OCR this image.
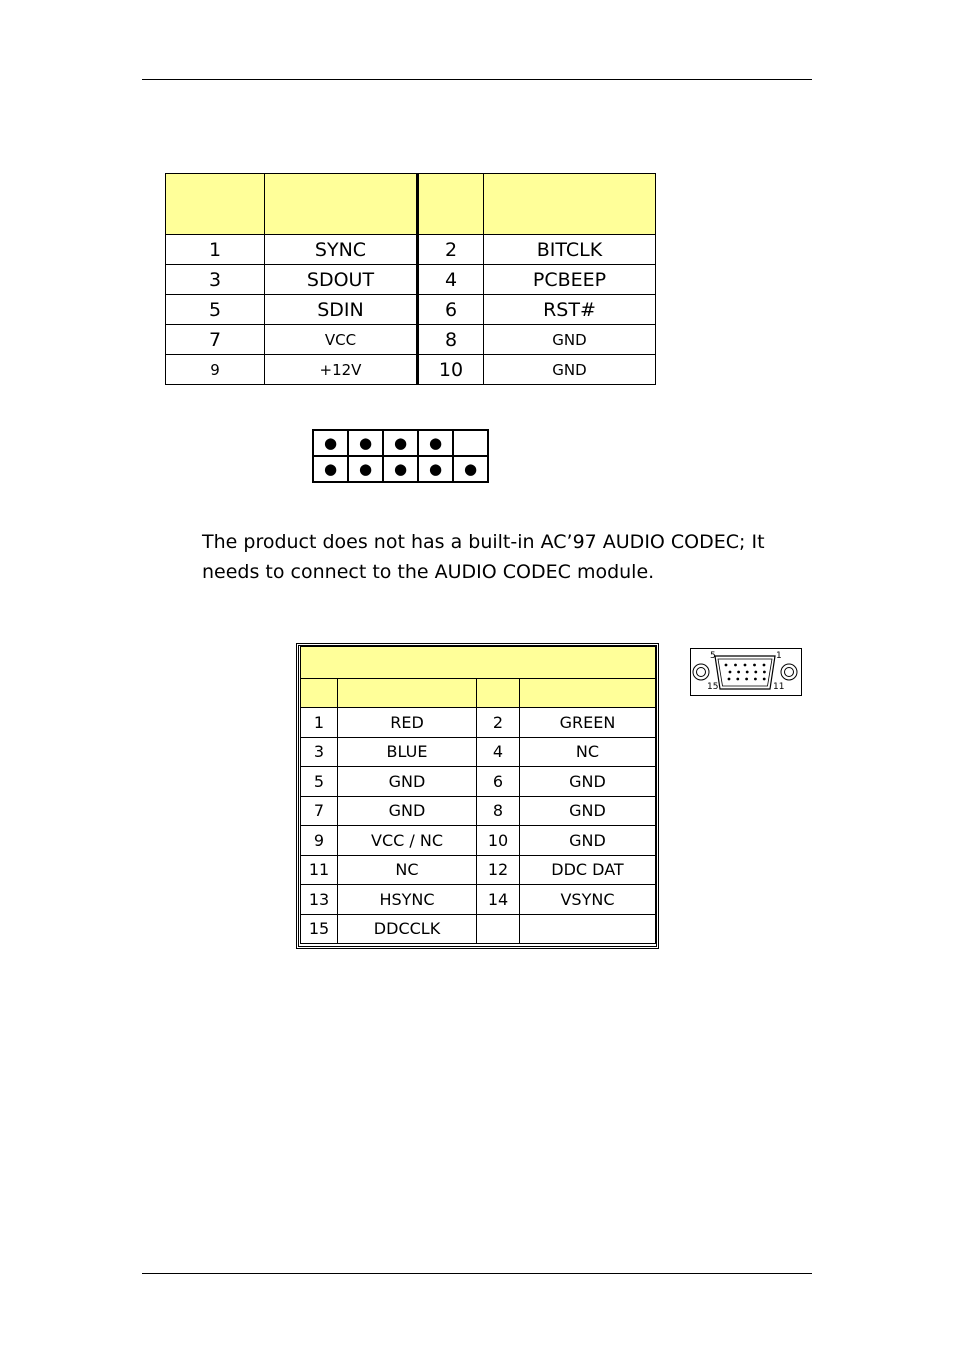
1	SYNC	2	BITCLK
3	SDOUT	4	PCBEEP
5	SDIN	6	RST#
7	VCC	8	GND
9	+12V	10	GND
●	●	●	●	
●	●	●	●	●

The product does not has a built-in AC’97 AUDIO CODEC; It needs to connect to the AUDIO CODEC module.

1	RED	2	GREEN
3	BLUE	4	NC
5	GND	6	GND
7	GND	8	GND
9	VCC / NC	10	GND
11	NC	12	DDC DAT
13	HSYNC	14	VSYNC
15	DDCCLK		
5	1
15	11
